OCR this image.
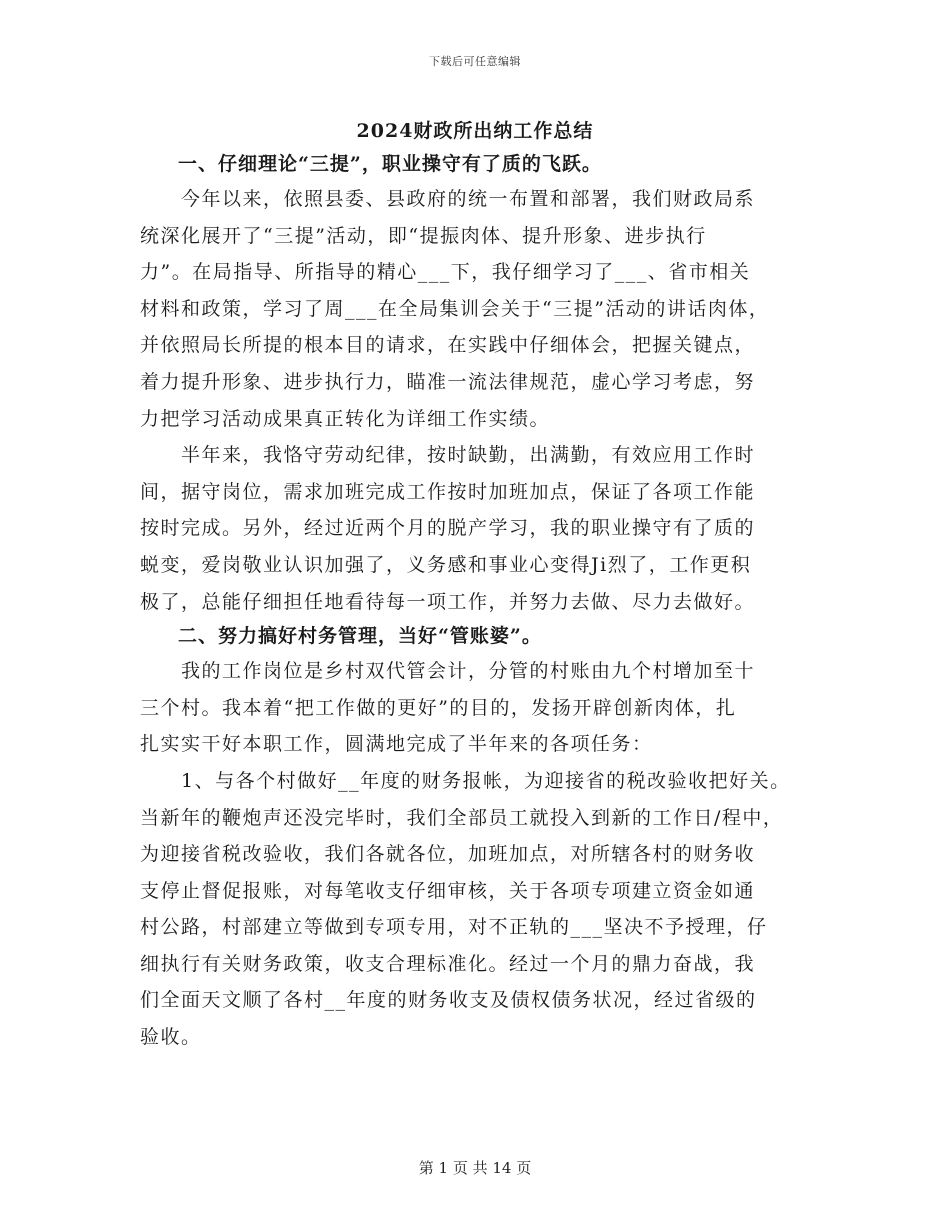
下载后可任意编辑
2024财政所出纳工作总结

一、仔细理论“三提”，职业操守有了质的飞跃。

　　今年以来，依照县委、县政府的统一布置和部署，我们财政局系
统深化展开了“三提”活动，即“提振肉体、提升形象、进步执行
力”。在局指导、所指导的精心___下，我仔细学习了___、省市相关
材料和政策，学习了周___在全局集训会关于“三提”活动的讲话肉体，
并依照局长所提的根本目的请求，在实践中仔细体会，把握关键点，
着力提升形象、进步执行力，瞄准一流法律规范，虚心学习考虑，努
力把学习活动成果真正转化为详细工作实绩。

　　半年来，我恪守劳动纪律，按时缺勤，出满勤，有效应用工作时
间，据守岗位，需求加班完成工作按时加班加点，保证了各项工作能
按时完成。另外，经过近两个月的脱产学习，我的职业操守有了质的
蜕变，爱岗敬业认识加强了，义务感和事业心变得Ji烈了，工作更积
极了，总能仔细担任地看待每一项工作，并努力去做、尽力去做好。

二、努力搞好村务管理，当好“管账婆”。

　　我的工作岗位是乡村双代管会计，分管的村账由九个村增加至十
三个村。我本着“把工作做的更好”的目的，发扬开辟创新肉体，扎
扎实实干好本职工作，圆满地完成了半年来的各项任务：

　　1、与各个村做好__年度的财务报帐，为迎接省的税改验收把好关。
当新年的鞭炮声还没完毕时，我们全部员工就投入到新的工作日/程中，
为迎接省税改验收，我们各就各位，加班加点，对所辖各村的财务收
支停止督促报账，对每笔收支仔细审核，关于各项专项建立资金如通
村公路，村部建立等做到专项专用，对不正轨的___坚决不予授理，仔
细执行有关财务政策，收支合理标准化。经过一个月的鼎力奋战，我
们全面天文顺了各村__年度的财务收支及债权债务状况，经过省级的
验收。

第 1 页 共 14 页
